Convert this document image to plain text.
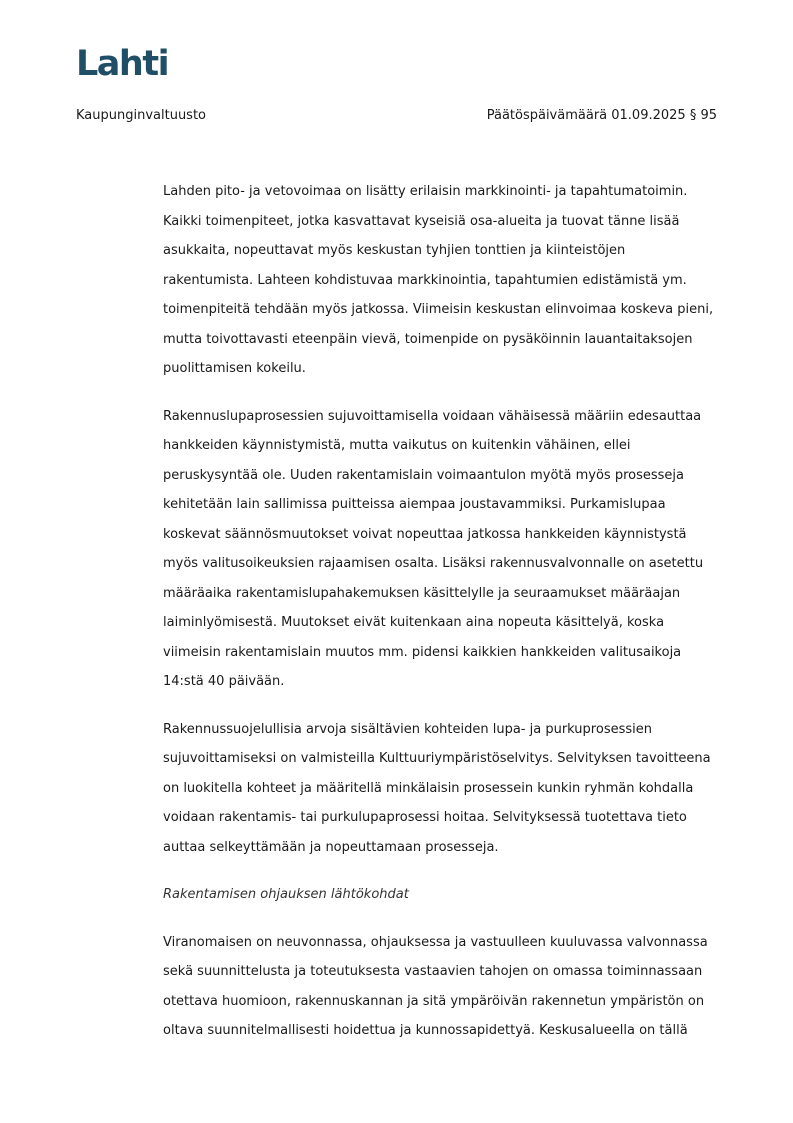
Lahti
Kaupunginvaltuusto	Päätöspäivämäärä 01.09.2025 § 95

Lahden pito- ja vetovoimaa on lisätty erilaisin markkinointi- ja tapahtumatoimin.
Kaikki toimenpiteet, jotka kasvattavat kyseisiä osa-alueita ja tuovat tänne lisää
asukkaita, nopeuttavat myös keskustan tyhjien tonttien ja kiinteistöjen
rakentumista. Lahteen kohdistuvaa markkinointia, tapahtumien edistämistä ym.
toimenpiteitä tehdään myös jatkossa. Viimeisin keskustan elinvoimaa koskeva pieni,
mutta toivottavasti eteenpäin vievä, toimenpide on pysäköinnin lauantaitaksojen
puolittamisen kokeilu.

Rakennuslupaprosessien sujuvoittamisella voidaan vähäisessä määriin edesauttaa
hankkeiden käynnistymistä, mutta vaikutus on kuitenkin vähäinen, ellei
peruskysyntää ole. Uuden rakentamislain voimaantulon myötä myös prosesseja
kehitetään lain sallimissa puitteissa aiempaa joustavammiksi. Purkamislupaa
koskevat säännösmuutokset voivat nopeuttaa jatkossa hankkeiden käynnistystä
myös valitusoikeuksien rajaamisen osalta. Lisäksi rakennusvalvonnalle on asetettu
määräaika rakentamislupahakemuksen käsittelylle ja seuraamukset määräajan
laiminlyömisestä. Muutokset eivät kuitenkaan aina nopeuta käsittelyä, koska
viimeisin rakentamislain muutos mm. pidensi kaikkien hankkeiden valitusaikoja
14:stä 40 päivään.

Rakennussuojelullisia arvoja sisältävien kohteiden lupa- ja purkuprosessien
sujuvoittamiseksi on valmisteilla Kulttuuriympäristöselvitys. Selvityksen tavoitteena
on luokitella kohteet ja määritellä minkälaisin prosessein kunkin ryhmän kohdalla
voidaan rakentamis- tai purkulupaprosessi hoitaa. Selvityksessä tuotettava tieto
auttaa selkeyttämään ja nopeuttamaan prosesseja.

Rakentamisen ohjauksen lähtökohdat

Viranomaisen on neuvonnassa, ohjauksessa ja vastuulleen kuuluvassa valvonnassa
sekä suunnittelusta ja toteutuksesta vastaavien tahojen on omassa toiminnassaan
otettava huomioon, rakennuskannan ja sitä ympäröivän rakennetun ympäristön on
oltava suunnitelmallisesti hoidettua ja kunnossapidettyä. Keskusalueella on tällä
